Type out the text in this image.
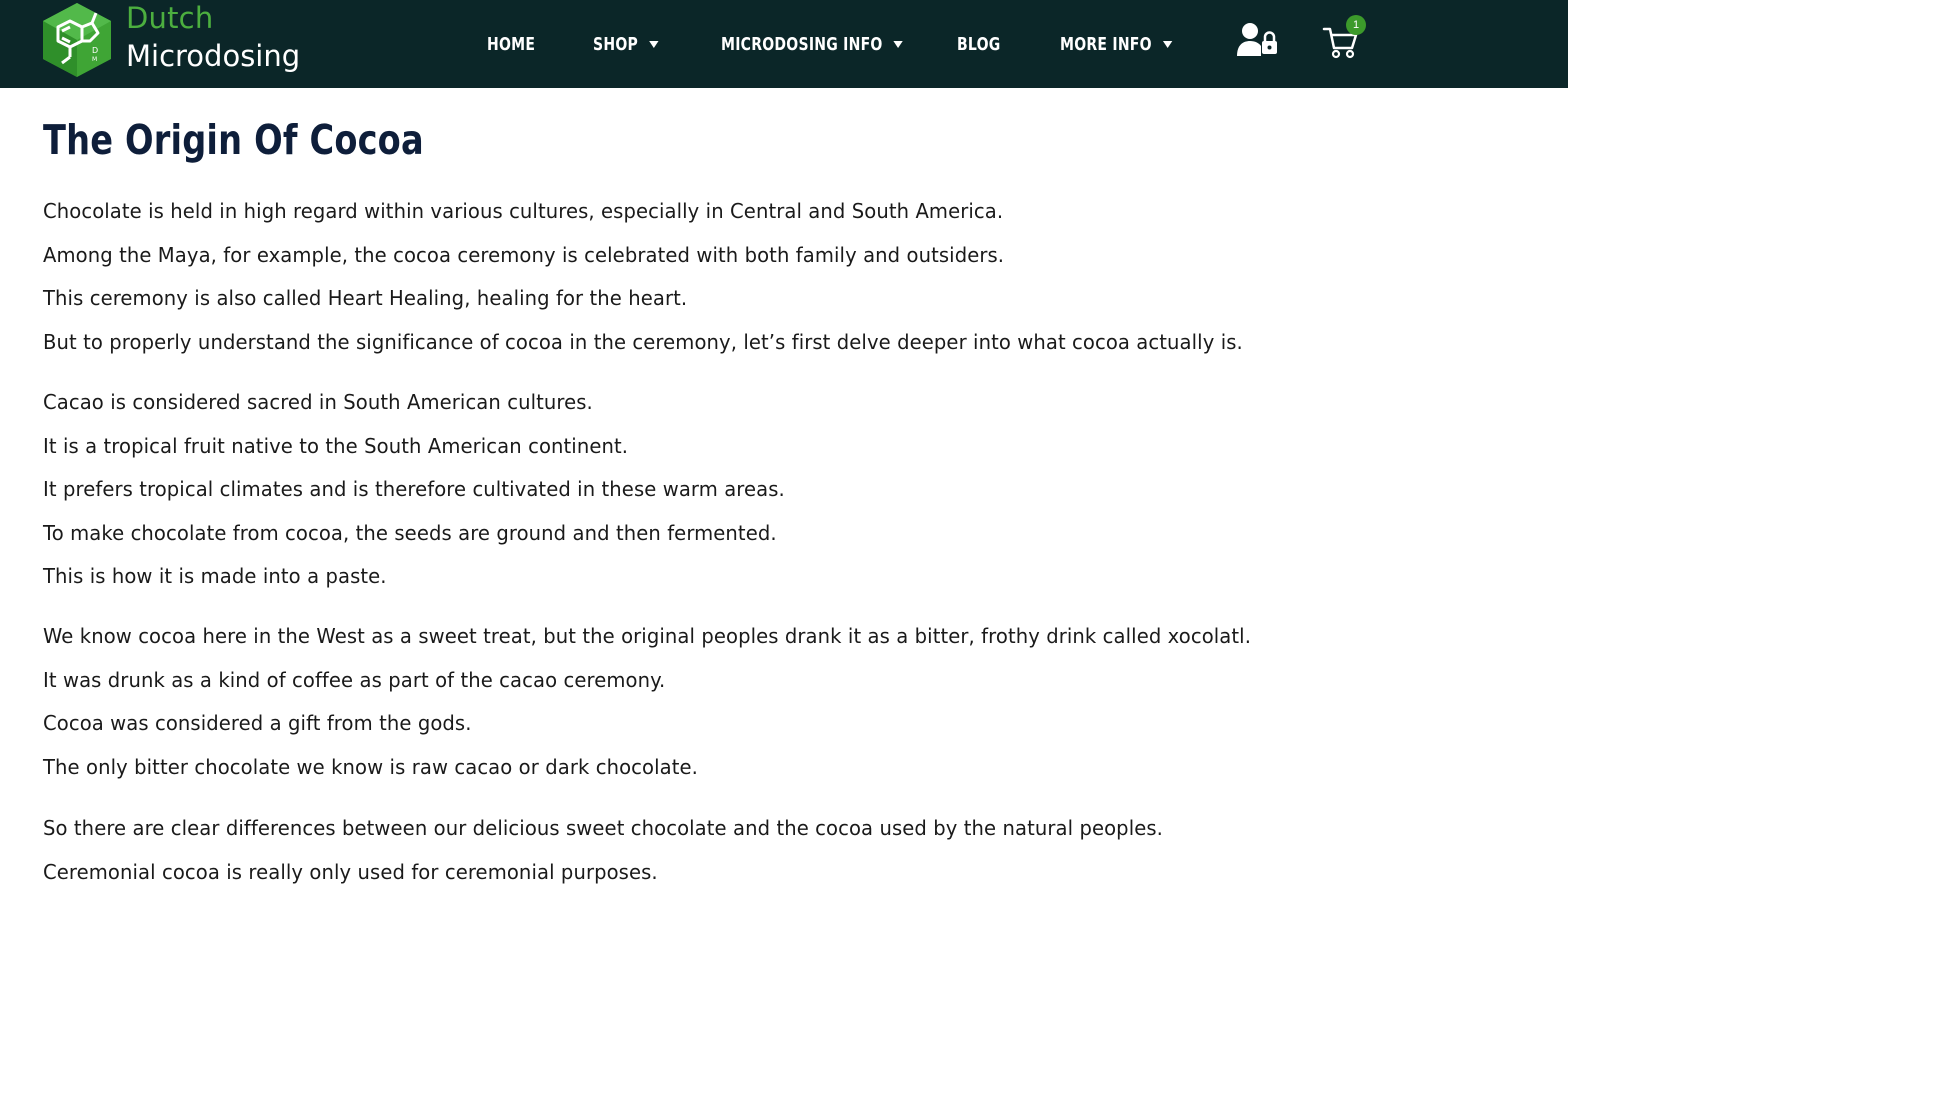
D
M
Dutch
Microdosing	HOME	SHOP	MICRODOSING INFO	BLOG	MORE INFO
1
The Origin Of Cocoa
Chocolate is held in high regard within various cultures, especially in Central and South America.
Among the Maya, for example, the cocoa ceremony is celebrated with both family and outsiders.
This ceremony is also called Heart Healing, healing for the heart.
But to properly understand the significance of cocoa in the ceremony, let’s first delve deeper into what cocoa actually is.
Cacao is considered sacred in South American cultures.
It is a tropical fruit native to the South American continent.
It prefers tropical climates and is therefore cultivated in these warm areas.
To make chocolate from cocoa, the seeds are ground and then fermented.
This is how it is made into a paste.
We know cocoa here in the West as a sweet treat, but the original peoples drank it as a bitter, frothy drink called xocolatl.
It was drunk as a kind of coffee as part of the cacao ceremony.
Cocoa was considered a gift from the gods.
The only bitter chocolate we know is raw cacao or dark chocolate.
So there are clear differences between our delicious sweet chocolate and the cocoa used by the natural peoples.
Ceremonial cocoa is really only used for ceremonial purposes.
